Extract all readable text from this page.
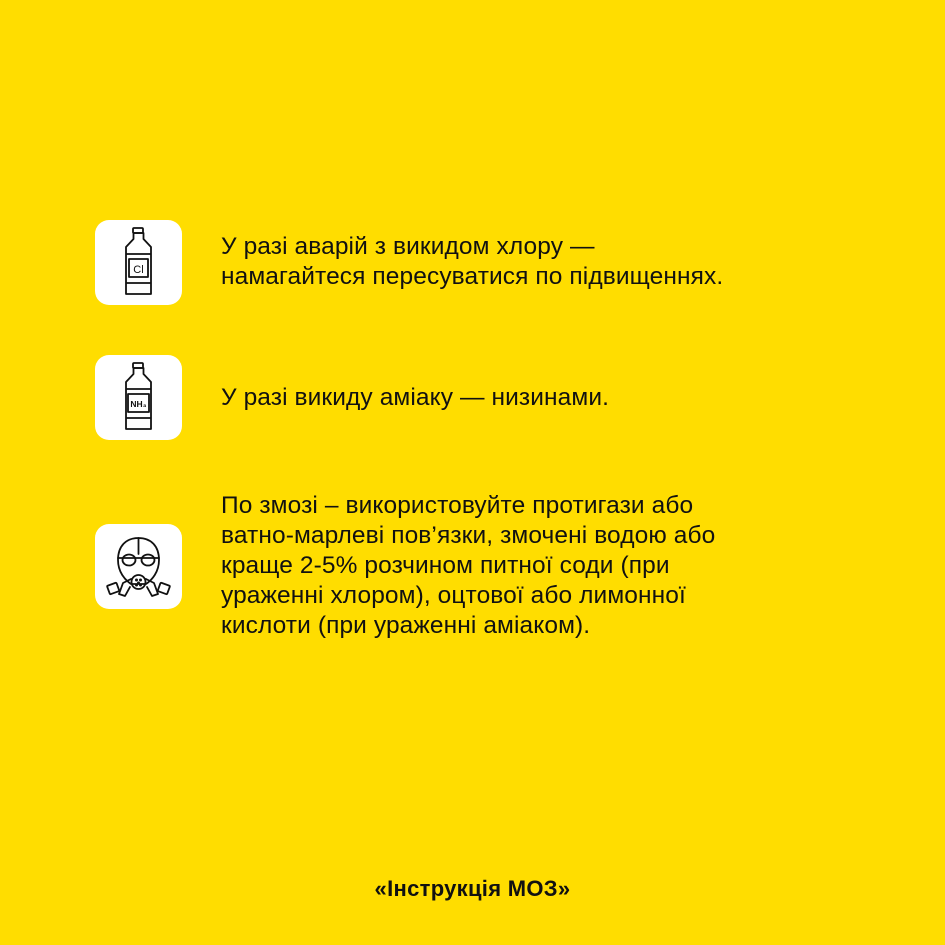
Cl
У разі аварій з викидом хлору —
намагайтеся пересуватися по підвищеннях.
NH₃	У разі викиду аміаку — низинами.
По змозі – використовуйте протигази або
ватно-марлеві пов’язки, змочені водою або
краще 2-5% розчином питної соди (при
ураженні хлором), оцтової або лимонної
кислоти (при ураженні аміаком).
«Інструкція МОЗ»
